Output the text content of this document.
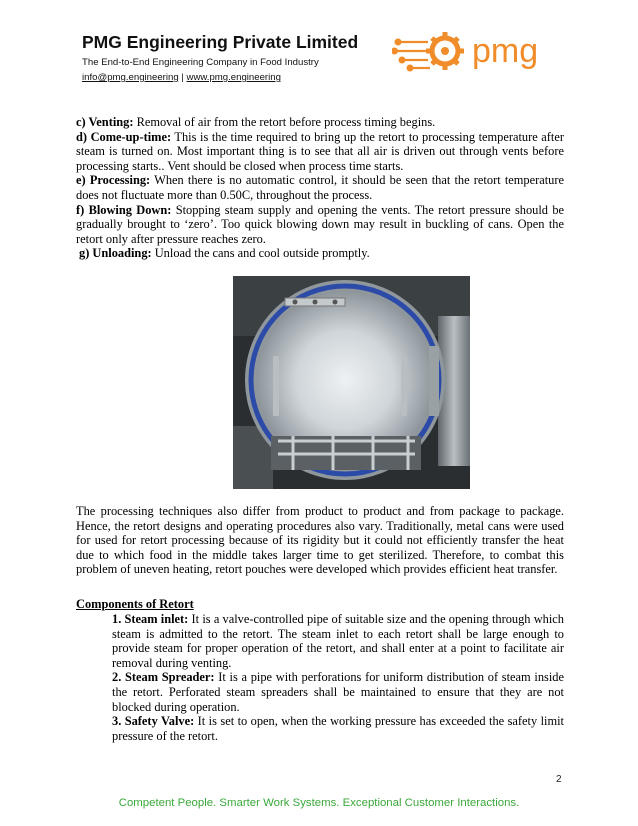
PMG Engineering Private Limited
The End-to-End Engineering Company in Food Industry
info@pmg.engineering | www.pmg.engineering
pmg

c) Venting: Removal of air from the retort before process timing begins.

d) Come-up-time: This is the time required to bring up the retort to processing temperature after steam is turned on. Most important thing is to see that all air is driven out through vents before processing starts.. Vent should be closed when process time starts.

e) Processing: When there is no automatic control, it should be seen that the retort temperature does not fluctuate more than 0.50C, throughout the process.

f) Blowing Down: Stopping steam supply and opening the vents. The retort pressure should be gradually brought to ‘zero’. Too quick blowing down may result in buckling of cans. Open the retort only after pressure reaches zero.

g) Unloading: Unload the cans and cool outside promptly.

The processing techniques also differ from product to product and from package to package. Hence, the retort designs and operating procedures also vary. Traditionally, metal cans were used for used for retort processing because of its rigidity but it could not efficiently transfer the heat due to which food in the middle takes larger time to get sterilized. Therefore, to combat this problem of uneven heating, retort pouches were developed which provides efficient heat transfer.

Components of Retort

1. Steam inlet: It is a valve-controlled pipe of suitable size and the opening through which steam is admitted to the retort. The steam inlet to each retort shall be large enough to provide steam for proper operation of the retort, and shall enter at a point to facilitate air removal during venting.

2. Steam Spreader: It is a pipe with perforations for uniform distribution of steam inside the retort. Perforated steam spreaders shall be maintained to ensure that they are not blocked during operation.

3. Safety Valve: It is set to open, when the working pressure has exceeded the safety limit pressure of the retort.

2
Competent People. Smarter Work Systems. Exceptional Customer Interactions.
